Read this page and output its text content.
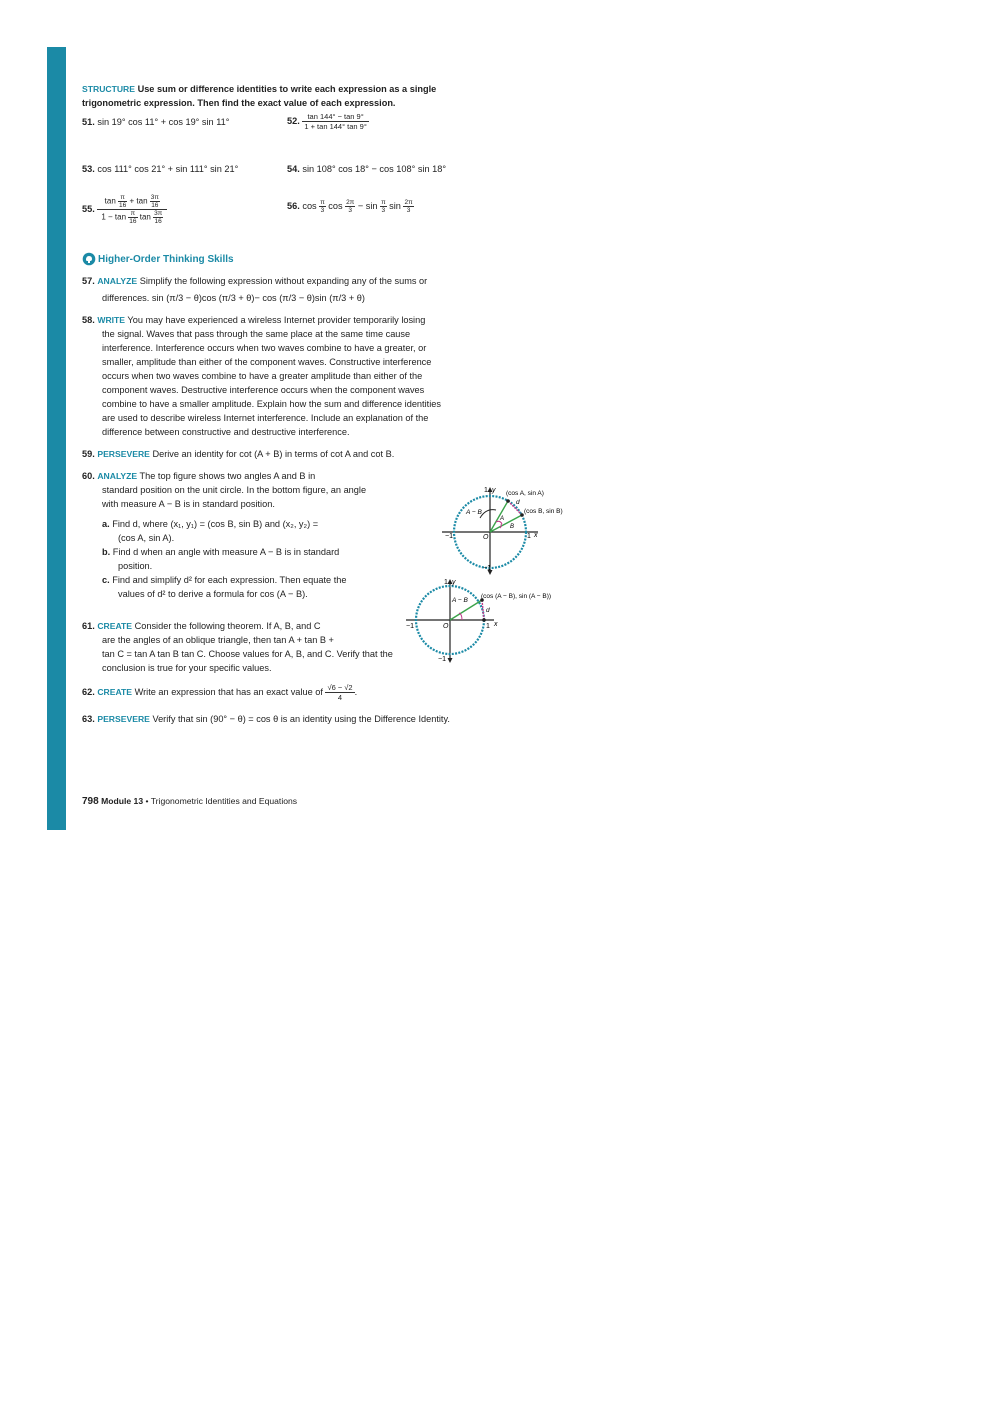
STRUCTURE Use sum or difference identities to write each expression as a single
trigonometric expression. Then find the exact value of each expression.
51. sin 19° cos 11° + cos 19° sin 11°	52. $\frac{\tan 144^\circ - \tan 9^\circ}{1 + \tan 144^\circ \tan 9^\circ}$
53. cos 111° cos 21° + sin 111° sin 21°	54. sin 108° cos 18° − cos 108° sin 18°
55. $\frac{\tan \frac{\pi}{16} + \tan \frac{3\pi}{16}}{1 - \tan \frac{\pi}{16} \tan \frac{3\pi}{16}}$	56. $\cos \frac{\pi}{3}$ $\cos \frac{2\pi}{3} - \sin \frac{\pi}{3}$ $\sin \frac{2\pi}{3}$
Higher-Order Thinking Skills
57. ANALYZE Simplify the following expression without expanding any of the sums or

differences. sin (π/3 − θ)cos (π/3 + θ)− cos (π/3 − θ)sin (π/3 + θ)
58. WRITE You may have experienced a wireless Internet provider temporarily losing
the signal. Waves that pass through the same place at the same time cause
interference. Interference occurs when two waves combine to have a greater, or
smaller, amplitude than either of the component waves. Constructive interference
occurs when two waves combine to have a greater amplitude than either of the
component waves. Destructive interference occurs when the component waves
combine to have a smaller amplitude. Explain how the sum and difference identities
are used to describe wireless Internet interference. Include an explanation of the
difference between constructive and destructive interference.
59. PERSEVERE Derive an identity for cot (A + B) in terms of cot A and cot B.
60. ANALYZE The top figure shows two angles A and B in
standard position on the unit circle. In the bottom figure, an angle
with measure A − B is in standard position.
a. Find d, where (x₁, y₁) = (cos B, sin B) and (x₂, y₂) =
(cos A, sin A).
b. Find d when an angle with measure A − B is in standard
position.
c. Find and simplify d² for each expression. Then equate the
values of d² to derive a formula for cos (A − B).
61. CREATE Consider the following theorem. If A, B, and C
are the angles of an oblique triangle, then tan A + tan B +
tan C = tan A tan B tan C. Choose values for A, B, and C. Verify that the
conclusion is true for your specific values.
62. CREATE Write an expression that has an exact value of $\frac{√6 - √2}{4}$ .
63. PERSEVERE Verify that sin (90° − θ) = cos θ is an identity using the Difference Identity.
y
1
x
1
−1
−1
O
(cos A, sin A)
(cos B, sin B)
d
A − B
A
B
y
1
x
1
−1
−1
O
(cos (A − B), sin (A − B))
d
A − B
798 Module 13 • Trigonometric Identities and Equations
